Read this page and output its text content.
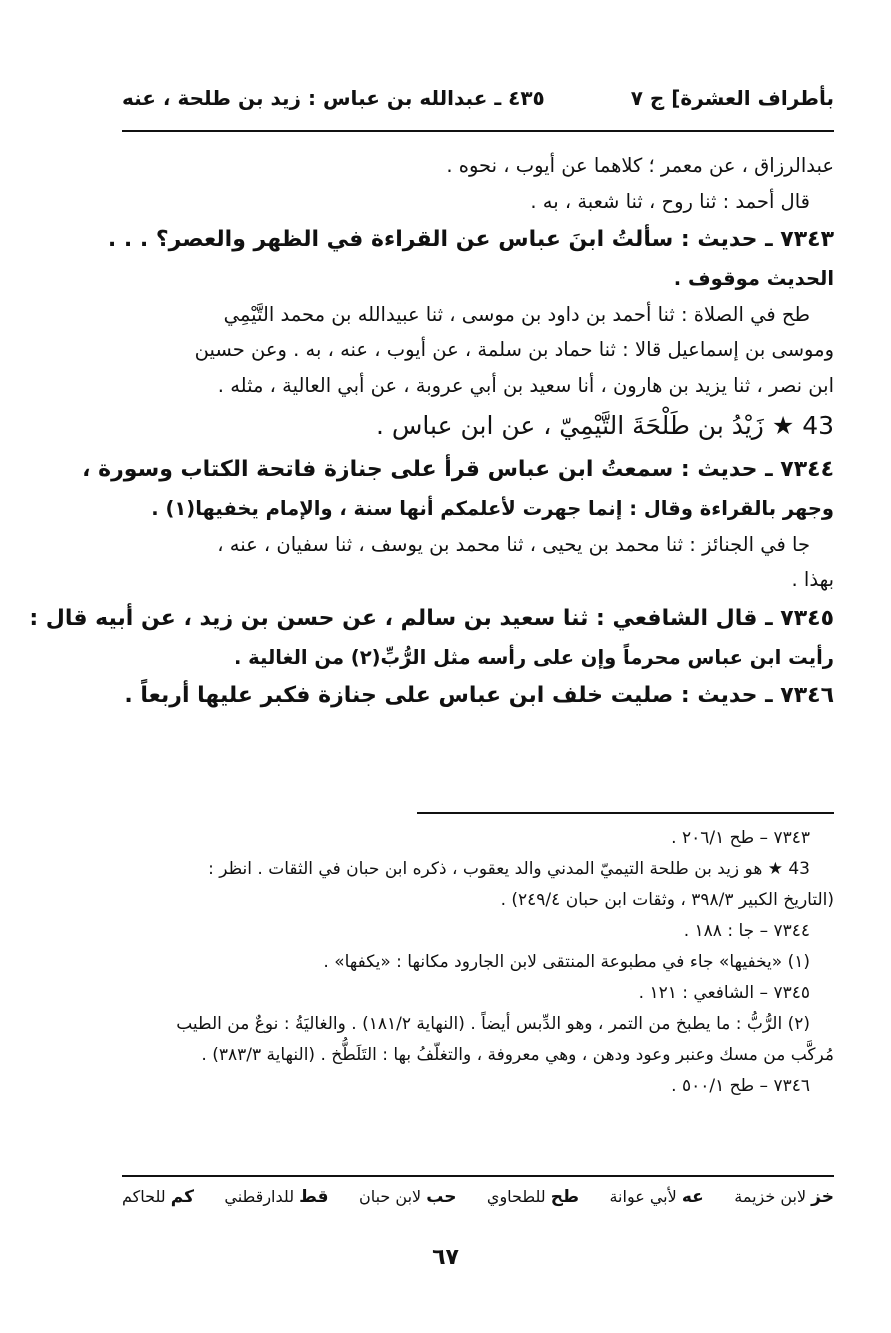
٤٣٥ ـ عبدالله بن عباس : زيد بن طلحة ، عنه	بأطراف العشرة] ج ٧
عبدالرزاق ، عن معمر ؛ كلاهما عن أيوب ، نحوه .
قال أحمد : ثنا روح ، ثنا شعبة ، به .
٧٣٤٣ ـ حديث : سألتُ ابنَ عباس عن القراءة في الظهر والعصر؟ . . .
الحديث موقوف .
طح في الصلاة : ثنا أحمد بن داود بن موسى ، ثنا عبيدالله بن محمد التَّيْمِي
وموسى بن إسماعيل قالا : ثنا حماد بن سلمة ، عن أيوب ، عنه ، به . وعن حسين
ابن نصر ، ثنا يزيد بن هارون ، أنا سعيد بن أبي عروبة ، عن أبي العالية ، مثله .
43 ★ زَيْدُ بن طَلْحَةَ التَّيْمِيّ ، عن ابن عباس .
٧٣٤٤ ـ حديث : سمعتُ ابن عباس قرأ على جنازة فاتحة الكتاب وسورة ،
وجهر بالقراءة وقال : إنما جهرت لأعلمكم أنها سنة ، والإمام يخفيها(١) .
جا في الجنائز : ثنا محمد بن يحيى ، ثنا محمد بن يوسف ، ثنا سفيان ، عنه ،
بهذا .
٧٣٤٥ ـ قال الشافعي : ثنا سعيد بن سالم ، عن حسن بن زيد ، عن أبيه قال :
رأيت ابن عباس محرماً وإن على رأسه مثل الرُّبِّ(٢) من الغالية .
٧٣٤٦ ـ حديث : صليت خلف ابن عباس على جنازة فكبر عليها أربعاً .
٧٣٤٣ – طح ٢٠٦/١ .
43 ★ هو زيد بن طلحة التيميّ المدني والد يعقوب ، ذكره ابن حبان في الثقات . انظر :
(التاريخ الكبير ٣٩٨/٣ ، وثقات ابن حبان ٢٤٩/٤) .
٧٣٤٤ – جا : ١٨٨ .
(١) «يخفيها» جاء في مطبوعة المنتقى لابن الجارود مكانها : «يكفها» .
٧٣٤٥ – الشافعي : ١٢١ .
(٢) الرُّبُّ : ما يطبخ من التمر ، وهو الدِّبس أيضاً . (النهاية ١٨١/٢) . والغاليَةُ : نوعٌ من الطيب
مُركَّب من مسك وعنبر وعود ودهن ، وهي معروفة ، والتغلّفُ بها : التَلَطُّخ . (النهاية ٣٨٣/٣) .
٧٣٤٦ – طح ٥٠٠/١ .
خز لابن خزيمة
عه لأبي عوانة
طح للطحاوي
حب لابن حبان
قط للدارقطني
كم للحاكم
٦٧
